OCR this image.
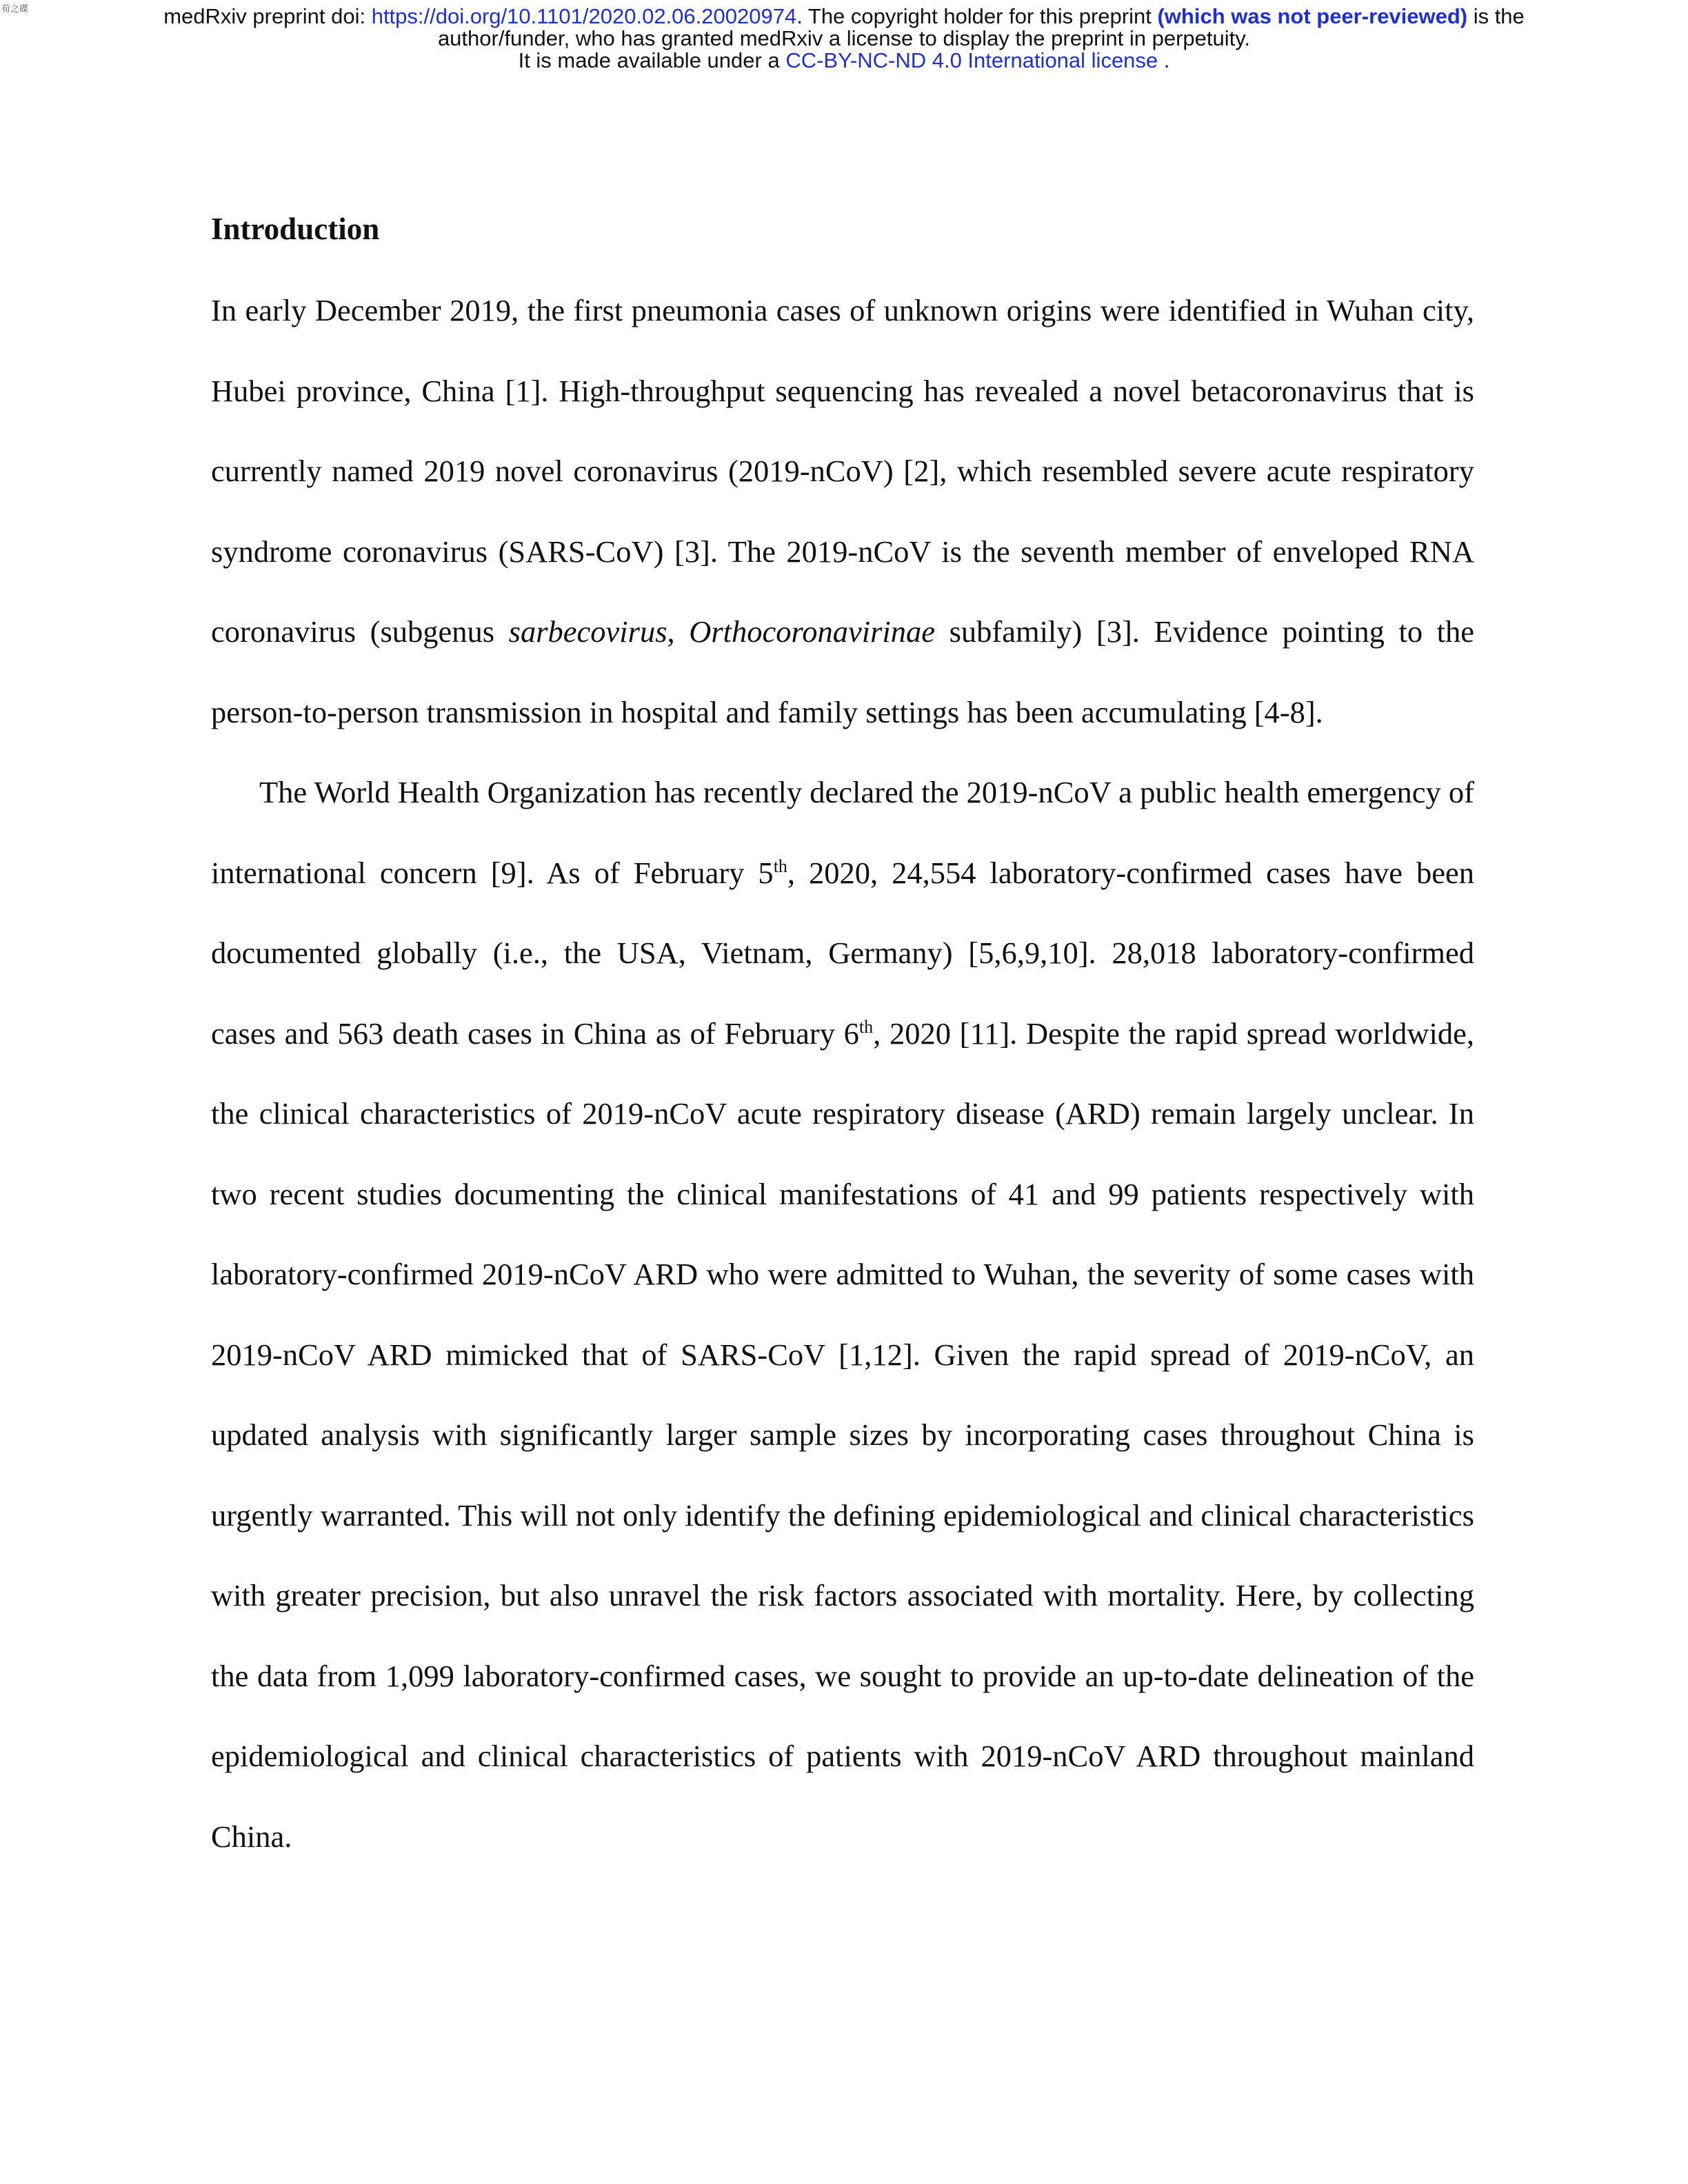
荀之碟	medRxiv preprint doi: https://doi.org/10.1101/2020.02.06.20020974. The copyright holder for this preprint (which was not peer-reviewed) is the
author/funder, who has granted medRxiv a license to display the preprint in perpetuity.
It is made available under a CC-BY-NC-ND 4.0 International license .
Introduction

In early December 2019, the first pneumonia cases of unknown origins were identified in Wuhan city, Hubei province, China [1]. High-throughput sequencing has revealed a novel betacoronavirus that is currently named 2019 novel coronavirus (2019-nCoV) [2], which resembled severe acute respiratory syndrome coronavirus (SARS-CoV) [3]. The 2019-nCoV is the seventh member of enveloped RNA coronavirus (subgenus sarbecovirus, Orthocoronavirinae subfamily) [3]. Evidence pointing to the person-to-person transmission in hospital and family settings has been accumulating [4-8].

The World Health Organization has recently declared the 2019-nCoV a public health emergency of international concern [9]. As of February 5th, 2020, 24,554 laboratory-confirmed cases have been documented globally (i.e., the USA, Vietnam, Germany) [5,6,9,10]. 28,018 laboratory-confirmed cases and 563 death cases in China as of February 6th, 2020 [11]. Despite the rapid spread worldwide, the clinical characteristics of 2019-nCoV acute respiratory disease (ARD) remain largely unclear. In two recent studies documenting the clinical manifestations of 41 and 99 patients respectively with laboratory-confirmed 2019-nCoV ARD who were admitted to Wuhan, the severity of some cases with 2019-nCoV ARD mimicked that of SARS-CoV [1,12]. Given the rapid spread of 2019-nCoV, an updated analysis with significantly larger sample sizes by incorporating cases throughout China is urgently warranted. This will not only identify the defining epidemiological and clinical characteristics with greater precision, but also unravel the risk factors associated with mortality. Here, by collecting the data from 1,099 laboratory-confirmed cases, we sought to provide an up-to-date delineation of the epidemiological and clinical characteristics of patients with 2019-nCoV ARD throughout mainland China.
